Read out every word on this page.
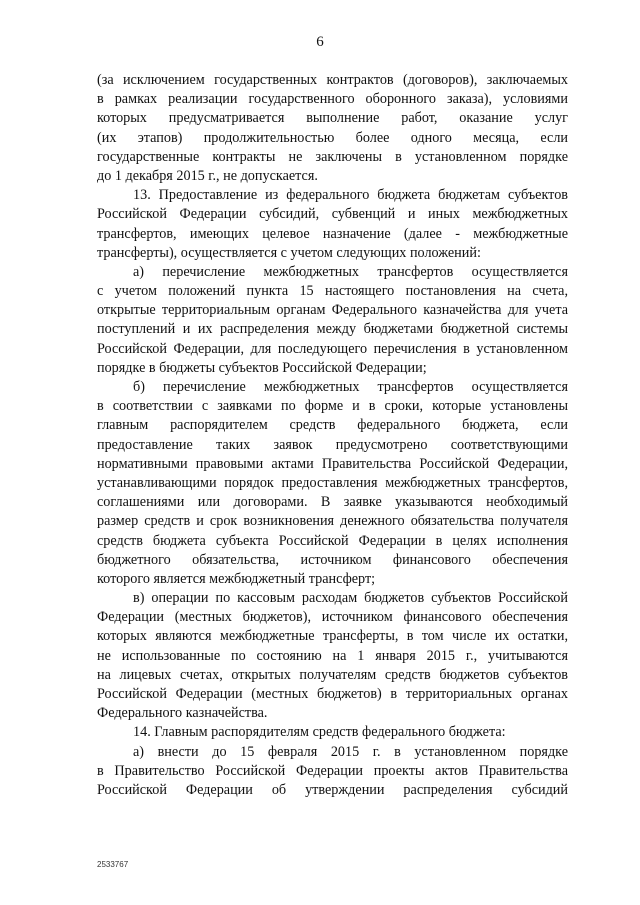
6

(за исключением государственных контрактов (договоров), заключаемых
в рамках реализации государственного оборонного заказа), условиями
которых предусматривается выполнение работ, оказание услуг
(их этапов) продолжительностью более одного месяца, если
государственные контракты не заключены в установленном порядке
до 1 декабря 2015 г., не допускается.

13. Предоставление из федерального бюджета бюджетам субъектов
Российской Федерации субсидий, субвенций и иных межбюджетных
трансфертов, имеющих целевое назначение (далее - межбюджетные
трансферты), осуществляется с учетом следующих положений:

а) перечисление межбюджетных трансфертов осуществляется
с учетом положений пункта 15 настоящего постановления на счета,
открытые территориальным органам Федерального казначейства для учета
поступлений и их распределения между бюджетами бюджетной системы
Российской Федерации, для последующего перечисления в установленном
порядке в бюджеты субъектов Российской Федерации;

б) перечисление межбюджетных трансфертов осуществляется
в соответствии с заявками по форме и в сроки, которые установлены
главным распорядителем средств федерального бюджета, если
предоставление таких заявок предусмотрено соответствующими
нормативными правовыми актами Правительства Российской Федерации,
устанавливающими порядок предоставления межбюджетных трансфертов,
соглашениями или договорами. В заявке указываются необходимый
размер средств и срок возникновения денежного обязательства получателя
средств бюджета субъекта Российской Федерации в целях исполнения
бюджетного обязательства, источником финансового обеспечения
которого является межбюджетный трансферт;

в) операции по кассовым расходам бюджетов субъектов Российской
Федерации (местных бюджетов), источником финансового обеспечения
которых являются межбюджетные трансферты, в том числе их остатки,
не использованные по состоянию на 1 января 2015 г., учитываются
на лицевых счетах, открытых получателям средств бюджетов субъектов
Российской Федерации (местных бюджетов) в территориальных органах
Федерального казначейства.

14. Главным распорядителям средств федерального бюджета:

а) внести до 15 февраля 2015 г. в установленном порядке
в Правительство Российской Федерации проекты актов Правительства
Российской Федерации об утверждении распределения субсидий

2533767
